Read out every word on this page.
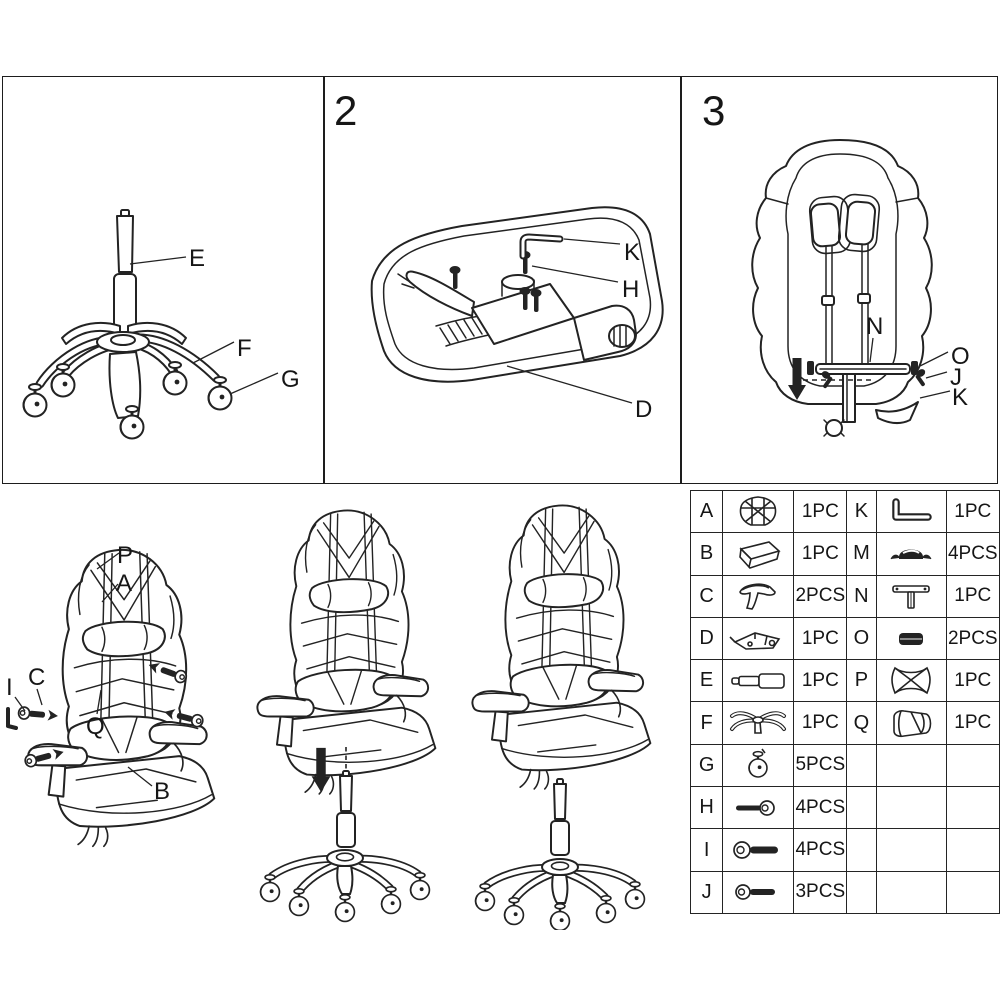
2	3
E
F
G
K
H
D
N
O
J
K
P
A
C
I
Q
B
A		1PC	K		1PC
B		1PC	M		4PCS
C		2PCS	N		1PC
D		1PC	O		2PCS
E		1PC	P		1PC
F		1PC	Q		1PC
G		5PCS			
H		4PCS			
I		4PCS			
J		3PCS			
